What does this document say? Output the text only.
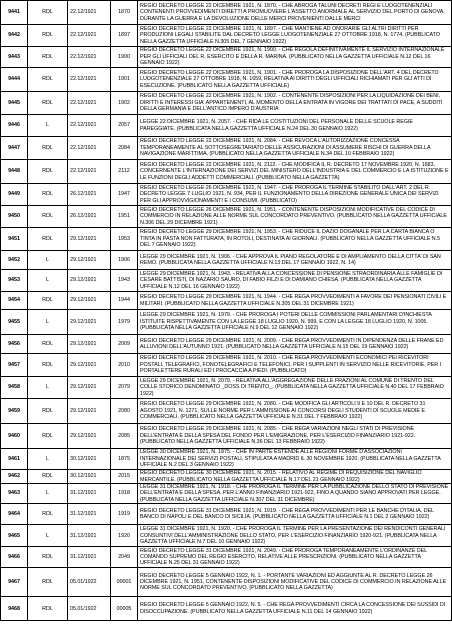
9441	RDL	22.12/1921	1870	REGIO DECRETO LEGGE 22 DICEMBRE 1921, N. 1870. - CHE ABROGA TALUNI DECRETI REGI E LUOGOTENENZIALI CONTENENTI PROVVEDIMENTI DIRETTI A PROMUOVERE L'ASSETTO ANORMALE AL SERVIZIO DEL PORTO DI GENOVA, DURANTE LA GUERRA E LA DEVOLUZIONE DELLE MERCI PROVENIENTI DALLE MERCI
9442	RDL	22.12/1921	1897	REGIO DECRETO LEGGE 22 DICEMBRE 1921, N. 1897. - CHE MANTIENE AD ONORARIE GLI ALTRI DIRITTI PER PRODUZIONI LEGALI STABILITE DAL DECRETO LEGGE LUOGOTENENZIALE 27 OTTOBRE 1918, N. 1774. (PUBBLICATO NELLA GAZZETTA UFFICIALE N.305 DEL 7 GENNAIO 1922)
9443	RDL	22.12/1921	1900	REGIO DECRETO LEGGE 22 DICEMBRE 1921, N. 1900. - CHE REGOLA DEFINITIVAMENTE IL SERVIZIO INTERNAZIONALE PER GLI UFFICIALI DEL R. ESERCITO E DELLA R. MARINA. (PUBBLICATO NELLA GAZZETTA UFFICIALE N.12 DEL 16 GENNAIO 1922)
9444	RDL	22.12/1921	1901	REGIO DECRETO LEGGE 22 DICEMBRE 1921, N. 1901. - CHE PROROGA LA DISPOSIZIONE DELL'ART. 4 DEL DECRETO LUOGOTENENZIALE 27 OTTOBRE 1918, N. 1659, RELATIVA AI DIRITTI DEGLI UFFICIALI RICHIAMATI PER GLI ATTI DI ESECUZIONE. (PUBBLICATO NELLA GAZZETTA UFFICIALE)
9445	RDL	22.12/1921	1902	REGIO DECRETO LEGGE 22 DICEMBRE 1921, N. 1902. - CONTENENTE DISPOSIZIONI PER LA LIQUIDAZIONE DEI BENI, DIRITTI E INTERESSI GIA' APPARTENENTI, AL MOMENTO DELLA ENTRATA IN VIGORE DEI TRATTATI DI PACE, A SUDDITI DELLA GERMANIA E DELL'ANTICO IMPERO D'AUSTRIA
9446	L	22.12/1921	2057	LEGGE 22 DICEMBRE 1921, N. 2057. - CHE RIDA LE COSTITUZIONI DEL PERSONALE DELLE SCUOLE REGIE PAREGGIATE. (PUBBLICATA NELLA GAZZETTA UFFICIALE N.24 DEL 30 GENNAIO 1922)
9447	RDL	22.12/1921	2084	REGIO DECRETO LEGGE 22 DICEMBRE 1921, N. 2084. - CHE REVOCA L'AUTORIZZAZIONE CONCESSA TEMPORANEAMENTE AL SOTTOSEGRETARIATO DELLE ASSICURAZIONI DI ASSUMERE RISCHI DI GUERRA DELLA NAVIGAZIONE MARITTIMA. (PUBBLICATO NELLA GAZZETTA UFFICIALE N.34 DEL 10 FEBBRAIO 1922)
9448	RDL	22.12/1921	2112	REGIO DECRETO LEGGE 22 DICEMBRE 1921, N. 2112. - CHE MODIFICA IL R. DECRETO 17 NOVEMBRE 1920, N. 1683, CONCERNENTE L'INTERNAZIONE DEI SERVIZI DEL MINISTERO DELL'INDUSTRIA E DEL COMMERCIO E LA ISTITUZIONE E LE FUNZIONI DEGLI ADDETTI COMMERCIALI. (PUBBLICATO NELLA GAZZETTA)
9449	RDL	26.12/1921	1947	REGIO DECRETO LEGGE 26 DICEMBRE 1921, N. 1947. - CHE PROROGA IL TERMINE STABILITO DALL'ART. 2 DEL R. DECRETO LEGGE 7 LUGLIO 1921, N. 934, PER IL FUNZIONAMENTO DELLA DIREZIONE GENERALE UNICA DEI SERVIZI PER GLI APPROVVIGIONAMENTI E I CONSUMI. (PUBBLICATO)
9450	RDL	26.12/1921	1951	REGIO DECRETO LEGGE 26 DICEMBRE 1921, N. 1951. - CONTENENTE DISPOSIZIONI MODIFICATIVE DEL CODICE DI COMMERCIO IN RELAZIONE ALLE NORME SUL CONCORDATO PREVENTIVO. (PUBBLICATO NELLA GAZZETTA UFFICIALE N.306 DEL 29 DICEMBRE 1921)
9451	RDL	29.12/1921	1953	REGIO DECRETO LEGGE 29 DICEMBRE 1921, N. 1953. - CHE RIDUCE IL DAZIO DOGANALE PER LA CARTA BIANCA O TINTA IN PASTA NON FATTURATA, IN ROTOLI, DESTINATA AI GIORNALI. (PUBBLICATO NELLA GAZZETTA UFFICIALE N.5 DEL 7 GENNAIO 1922)
9452	L	29.12/1921	1906	LEGGE 29 DICEMBRE 1921, N. 1906. - CHE APPROVA IL PIANO REGOLATORE E DI AMPLIAMENTO DELLA CITTA' DI SAN REMO. (PUBBLICATA NELLA GAZZETTA UFFICIALE N.13 DEL 17 GENNAIO 1922, N. 14)
9453	L	29.12/1921	1943	LEGGE 29 DICEMBRE 1921, N. 1943. - RELATIVA ALLA CONCESSIONE DI PENSIONE STRAORDINARIA ALLE FAMIGLIE DI CESARE BATTISTI, DI NAZARIO SAURO, DI FABIO FILZI E DI DAMIANO CHIESA. (PUBBLICATA NELLA GAZZETTA UFFICIALE N.12 DEL 16 GENNAIO 1922)
9454	RDL	29.12/1921	1944	REGIO DECRETO LEGGE 29 DICEMBRE 1921, N. 1944. - CHE REGA PROVVEDIMENTI A FAVORE DEI PENSIONATI CIVILI E MILITARI. (PUBBLICATO NELLA GAZZETTA UFFICIALE N.305 DEL 31 DICEMBRE 1921)
9455	L	29.12/1921	1979	LEGGE 29 DICEMBRE 1921, N. 1979. - CHE PROROGA I POTERI DELLE COMMISSIONI PARLAMENTARI D'INCHIESTA ISTITUITE RISPETTIVAMENTE CON LA LEGGE 18 LUGLIO 1920, N. 999, E CON LA LEGGE 18 LUGLIO 1920, N. 1005. (PUBBLICATA NELLA GAZZETTA UFFICIALE N.9 DEL 12 GENNAIO 1922)
9456	RDL	29.12/1921	2009	REGIO DECRETO LEGGE 29 DICEMBRE 1921, N. 2009. - CHE REGA PROVVEDIMENTI IN DIPENDENZA DELLE FRANE ED ALLUVIONI DELL'AUTUNNO 1921. (PUBBLICATO NELLA GAZZETTA UFFICIALE N.15 DEL 19 GENNAIO 1922)
9457	RDL	29.12/1921	2010	REGIO DECRETO LEGGE 29 DICEMBRE 1921, N. 2010. - CHE REGA PROVVEDIMENTI ECONOMICI PEI RICEVITORI POSTALI, TELEGRAFICI, FONOTELEGRAFICI E TELEFONICI, PER I SUPPLENTI IN SERVIZIO NELLE RICEVITORIE, PER I PORTALETTERE RURALI ED I PROCACCIA A PIEDI. (PUBBLICATO)
9458	L	29.12/1921	2079	LEGGE 29 DICEMBRE 1921, N. 2079. - RELATIVA ALL'AGGREGAZIONE DELLE FRAZIONI AL COMUNE DI TRENTO DEL COLLE STORICO DENOMINATO _DOSS DI TRENTO_. (PUBBLICATA NELLA GAZZETTA UFFICIALE N.40 DEL 17 FEBBRAIO 1922)
9459	RDL	29.12/1921	2080	REGIO DECRETO LEGGE 29 DICEMBRE 1921, N. 2080. - CHE MODIFICA GLI ARTICOLI 9 E 10 DEL R. DECRETO 31 AGOSTO 1921, N. 1271, SULLE NORME PER L'AMMISSIONE AI CONCORSI DEGLI STUDENTI DI SCUOLE MEDIE E COMMERCIALI. (PUBBLICATO NELLA GAZZETTA UFFICIALE N.31 DEL 7 FEBBRAIO 1922)
9460	RDL	29.12/1921	2085	REGIO DECRETO LEGGE 29 DICEMBRE 1921, N. 2085. - CHE REGA VARIAZIONI NEGLI STATI DI PREVISIONE DELL'ENTRATA E DELLA SPESA DEL FONDO PER L'EMIGRAZIONE, PER L'ESERCIZIO FINANZIARIO 1921-922. (PUBBLICATO NELLA GAZZETTA UFFICIALE N.36 DEL 13 FEBBRAIO 1922)
9461	L	30.12/1921	1875	LEGGE 30 DICEMBRE 1921, N. 1875. - CHE IN PARTE ESTENDE ALLE REGIONI FORME D'ASSOCIAZIONI INTERNAZIONALE DEI SERVIZI POSTALI, STIPULATA A MADRID IL 30 NOVEMBRE 1920. (PUBBLICATA NELLA GAZZETTA UFFICIALE N.2 DEL 3 GENNAIO 1922)
9462	RDL	30.12/1921	2015	REGIO DECRETO LEGGE 30 DICEMBRE 1921, N. 2015. - RELATIVO AL REGIME DI REQUISIZIONE DEL NAVIGLIO MERCANTILE. (PUBBLICATO NELLA GAZZETTA UFFICIALE N.17 DEL 21 GENNAIO 1922)
9463	L	31.12/1921	1918	LEGGE 31 DICEMBRE 1921, N. 1918. - CHE PROROGA IL TERMINE PER LA PUBBLICAZIONE DELLO STATO DI PREVISIONE DELL'ENTRATA E DELLA SPESA, PER L'ANNO FINANZIARIO 1921-922, FINO A QUANDO SIANO APPROVATI PER LEGGE. (PUBBLICATA NELLA GAZZETTA UFFICIALE N.307 DEL 31 DICEMBRE)
9464	RDL	31.12/1921	1919	REGIO DECRETO LEGGE 31 DICEMBRE 1921, N. 1919. - CHE REGA PROVVEDIMENTI PER LE BANCHE D'ITALIA, DEL BANCO DI NAPOLI E DEL BANCO DI SICILIA. (PUBBLICATO NELLA GAZZETTA UFFICIALE N.1 DEL 2 GENNAIO 1922)
9465	L	31.12/1921	1920	LEGGE 31 DICEMBRE 1921, N. 1920. - CHE PROROGA IL TERMINE PER LA PRESENTAZIONE DEI RENDICONTI GENERALI CONSUNTIVI DELL'AMMINISTRAZIONE DELLO STATO, PER L'ESERCIZIO FINANZIARIO 1920-921. (PUBBLICATA NELLA GAZZETTA UFFICIALE N.7 DEL 10 GENNAIO 1922)
9466	RDL	31.12/1921	2049	REGIO DECRETO LEGGE 31 DICEMBRE 1921, N. 2049. - CHE PROROGA TEMPORANEAMENTE L'ORDINANZE DEL COMANDO SUPREMO DEL REGIO ESERCITO, RELATIVE ALLE PRESCRIZIONI. (PUBBLICATO NELLA GAZZETTA UFFICIALE N.25 DEL 31 GENNAIO 1922)
9467	RDL	05.01/1922	00001	REGIO DECRETO LEGGE 5 GENNAIO 1922, N. 1. - PORTANTE VARIAZIONI ED AGGIUNTE AL R. DECRETO LEGGE 26 DICEMBRE 1921, N. 1951, CONTENENTE DISPOSIZIONI MODIFICATIVE DEL CODICE DI COMMERCIO IN RELAZIONE ALLE NORME SUL CONCORDATO PREVENTIVO. (PUBBLICATO NELLA GAZZETTA)
9468	RDL	05.01/1922	00005	REGIO DECRETO LEGGE 5 GENNAIO 1922, N. 5. - CHE REGA PROVVEDIMENTI CIRCA LA CONCESSIONE DEI SUSSIDI DI DISOCCUPAZIONE. (PUBBLICATO NELLA GAZZETTA UFFICIALE N.11 DEL 14 GENNAIO 1922)
